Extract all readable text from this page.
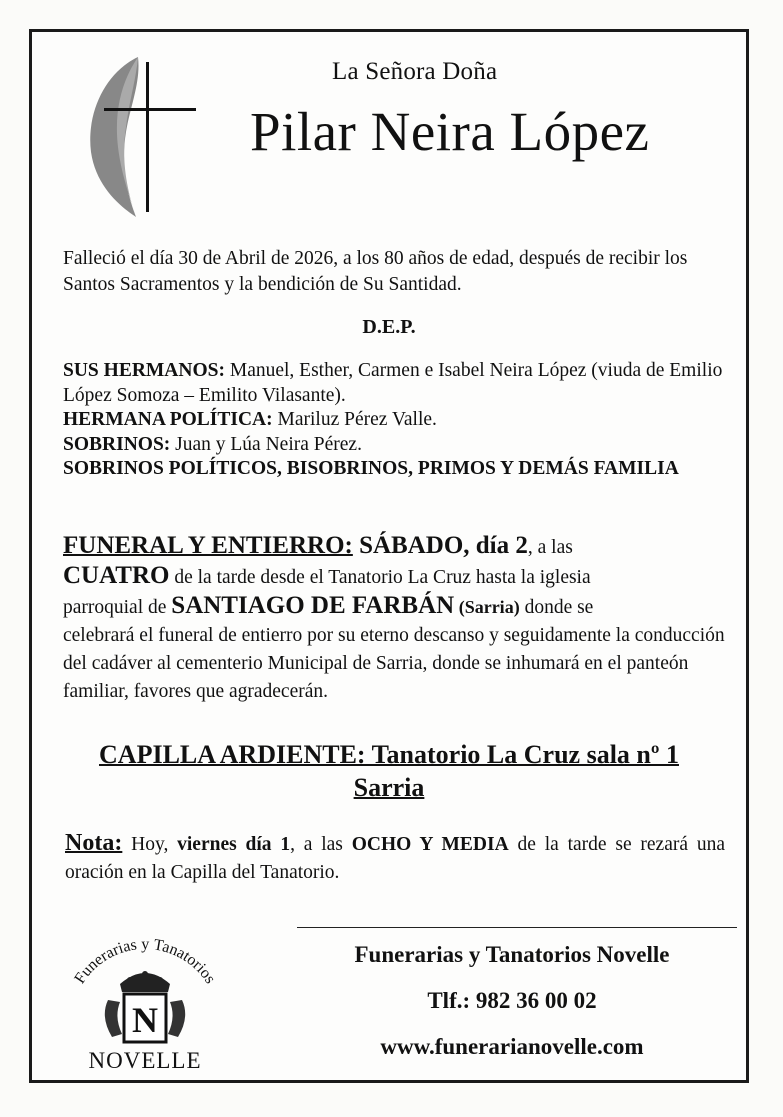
La Señora Doña
Pilar Neira López
Falleció el día 30 de Abril de 2026, a los 80 años de edad, después de recibir los Santos Sacramentos y la bendición de Su Santidad.
D.E.P.

SUS HERMANOS: Manuel, Esther, Carmen e Isabel Neira López (viuda de Emilio López Somoza – Emilito Vilasante).

HERMANA POLÍTICA: Mariluz Pérez Valle.

SOBRINOS: Juan y Lúa Neira Pérez.

SOBRINOS POLÍTICOS, BISOBRINOS, PRIMOS Y DEMÁS FAMILIA

FUNERAL Y ENTIERRO: SÁBADO, día 2, a las

CUATRO de la tarde desde el Tanatorio La Cruz hasta la iglesia

parroquial de SANTIAGO DE FARBÁN (Sarria) donde se

celebrará el funeral de entierro por su eterno descanso y seguidamente la conducción del cadáver al cementerio Municipal de Sarria, donde se inhumará en el panteón familiar, favores que agradecerán.

CAPILLA ARDIENTE: Tanatorio La Cruz sala nº 1
Sarria
Nota: Hoy, viernes día 1, a las OCHO Y MEDIA de la tarde se rezará una oración en la Capilla del Tanatorio.
Funerarias y Tanatorios
N
NOVELLE
Funerarias y Tanatorios Novelle
Tlf.: 982 36 00 02
www.funerarianovelle.com
